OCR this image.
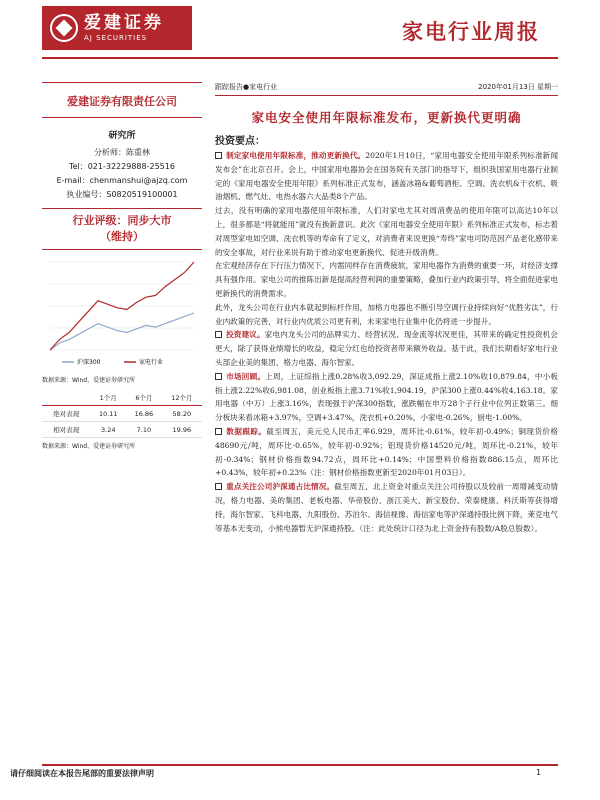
爱建证券
AJ SECURITIES	家电行业周报
爱建证券有限责任公司
研究所
分析师：陈重林
Tel：021-32229888-25516
E-mail：chenmanshui@ajzq.com
执业编号：S0820519100001
行业评级：同步大市
（维持）
沪深300	家电行业
数据来源：Wind，爱建证券研究所
	1个月	6个月	12个月
绝对表现	10.11	16.86	58.20
相对表现	3.24	7.10	19.96
数据来源：Wind，爱建证券研究所
跟踪报告●家电行业	2020年01月13日 星期一
家电安全使用年限标准发布，更新换代更明确
投资要点：

制定家电使用年限标准，推动更新换代。2020年1月10日，“家用电器安全使用年限系列标准新闻发布会”在北京召开。会上，中国家用电器协会在国务院有关部门的指导下，组织我国家用电器行业制定的《家用电器安全使用年限》系列标准正式发布，涵盖冰箱&葡萄酒柜、空调、洗衣机&干衣机、吸油烟机、燃气灶、电热水器六大品类8个产品。

过去，没有明确的家用电器使用年限标准，人们对家电尤其对周消费品的使用年限可以高达10年以上，很多都是“将就能用”就没有换新意识。此次《家用电器安全使用年限》系列标准正式发布，标志着对周型家电如空调、洗衣机等的寿命有了定义，对消费者来说更换“寿终”家电可防范因产品老化感带来的安全事故，对行业来说有助于推动家电更新换代、促进升级消费。

在宏观经济存在下行压力情况下，内需同样存在消费疲软，家用电器作为消费的重要一环，对经济支撑具有强作用。家电公司的推陈出新是提高经营利润的重要策略，叠加行业内政策引导，将全面促进家电更新换代的消费需求。

此外，龙头公司在行业内本就起到标杆作用，加格力电器也不断引导空调行业持续向好“优胜劣汰”，行业内政策的完善，对行业内优质公司更有利，未来家电行业集中化仍将进一步提升。

投资建议。家电内龙头公司的品牌实力、经营状况、现金流等状况更佳，其带来的确定性投资机会更大，除了获得业绩增长的收益，稳定分红也给投资者带来额外收益。基于此，我们长期看好家电行业头部企业美的集团、格力电器、海尔智家。

市场回顾。上周，上证综指上涨0.28%收3,092.29，深证成指上涨2.10%收10,879.84，中小板指上涨2.22%收6,981.08，创业板指上涨3.71%收1,904.19，沪深300上涨0.44%收4,163.18。家用电器（中万）上涨3.16%，表现强于沪深300指数，涨跌幅在申万28个子行业中位列正数第三。细分板块来看冰箱+3.97%，空调+3.47%，洗衣机+0.20%，小家电-0.26%，厨电-1.00%。

数据跟踪。截至周五，美元兑人民币汇率6.929，周环比-0.61%，较年初-0.49%；铜现货价格48690元/吨，周环比-0.65%，较年初-0.92%；铝现货价格14520元/吨，周环比-0.21%，较年初-0.34%；钢材价格指数94.72点，周环比+0.14%；中国塑料价格指数886.15点，周环比+0.43%，较年初+0.23%（注：钢材价格指数更新至2020年01月03日）。

重点关注公司沪深通占比情况。截至周五，北上资金对重点关注公司持股以及较前一周增减变动情况，格力电器、美的集团、老板电器、华帝股份、浙江美大、新宝股份、荣泰健康、科沃斯等获得增持，海尔智家、飞科电器、九阳股份、苏泊尔、海信视像、海信家电等沪深通持股比例下降，莱克电气等基本无变动，小熊电器暂无沪深通持股。（注：此处统计口径为北上资金持有股数/A股总股数）。

请仔细阅读在本报告尾部的重要法律声明	1
